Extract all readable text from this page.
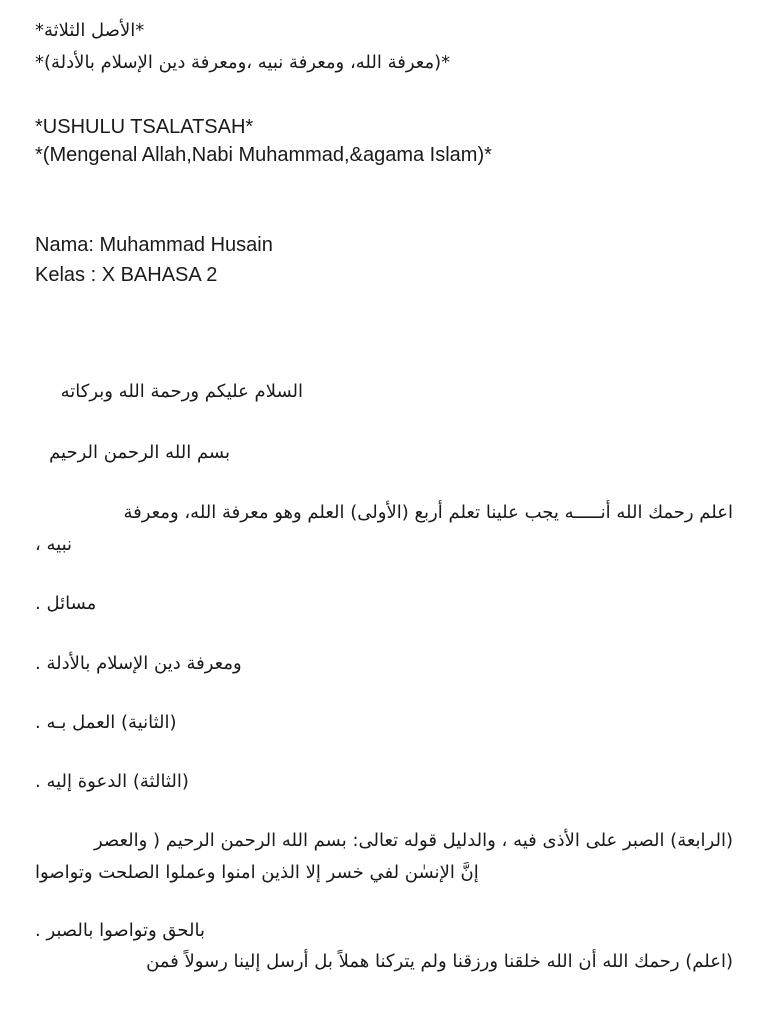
*الأصل الثلاثة*

*(معرفة الله، ومعرفة نبيه ،ومعرفة دين الإسلام بالأدلة)*

*USHULU TSALATSAH*

*(Mengenal Allah,Nabi Muhammad,&agama Islam)*

Nama: Muhammad Husain

Kelas : X BAHASA 2

السلام عليكم ورحمة الله وبركاته

بسم الله الرحمن الرحيم

اعلم رحمك الله أنـــــه يجب علينا تعلم أربع (الأولى) العلم وهو معرفة الله، ومعرفة

نبيه ،

مسائل .

ومعرفة دين الإسلام بالأدلة .

(الثانية) العمل بـه .

(الثالثة) الدعوة إليه .

(الرابعة) الصبر على الأذى فيه ، والدليل قوله تعالى: بسم الله الرحمن الرحيم ( والعصر

إنَّ الإنسٰن لفي خسر إلا الذين امنوا وعملوا الصلحت وتواصوا

بالحق وتواصوا بالصبر .

(اعلم) رحمك الله أن الله خلقنا ورزقنا ولم يتركنا هملاً بل أرسل إلينا رسولاً فمن
